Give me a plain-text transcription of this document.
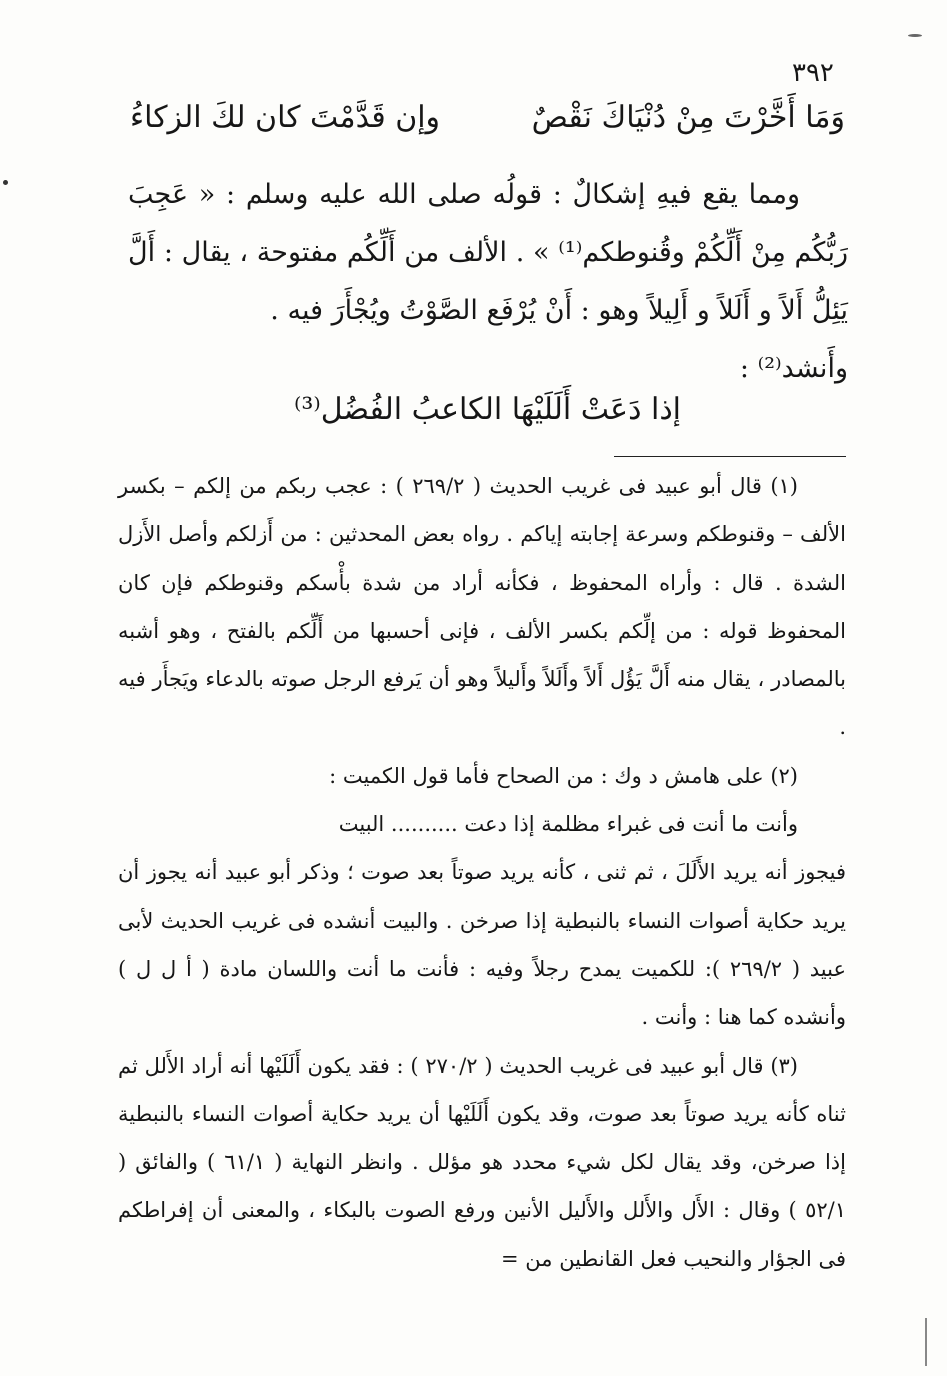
٣٩٢
وَمَا أَخَّرْتَ مِنْ دُنْيَاكَ نَقْصٌ
وإن قَدَّمْتَ كان لكَ الزكاءُ

ومما يقع فيهِ إشكالٌ : قولُه صلى الله عليه وسلم : « عَجِبَ رَبُّكُم مِنْ أَلِّكُمْ وقُنوطكم⁽¹⁾ » . الألف من أَلِّكُم مفتوحة ، يقال : أَلَّ يَئِلُّ أَلاً و أَلَلاً و أَلِيلاً وهو : أَنْ يُرْفَع الصَّوْتُ ويُجْأَرَ فيه .

وأَنشد⁽²⁾ :

إذا دَعَتْ أَلَلَيْهَا الكاعبُ الفُضُل⁽³⁾

(١) قال أبو عبيد فى غريب الحديث ( ٢٦٩/٢ ) : عجب ربكم من إلكم – بكسر الألف – وقنوطكم وسرعة إجابته إياكم . رواه بعض المحدثين : من أَزلكم وأصل الأَزل الشدة . قال : وأراه المحفوظ ، فكأنه أراد من شدة بأْسكم وقنوطكم فإن كان المحفوظ قوله : من إلِّكم بكسر الألف ، فإنى أحسبها من أَلِّكم بالفتح ، وهو أشبه بالمصادر ، يقال منه أَلَّ يَؤُل أَلاً وأَلَلاً وأَليلاً وهو أن يَرفع الرجل صوته بالدعاء ويَجأَر فيه .

(٢) على هامش د وك : من الصحاح فأما قول الكميت :

وأنت ما أنت فى غبراء مظلمة إذا دعت .......... البيت

فيجوز أنه يريد الأَلَلَ ، ثم ثنى ، كأنه يريد صوتاً بعد صوت ؛ وذكر أبو عبيد أنه يجوز أن يريد حكاية أصوات النساء بالنبطية إذا صرخن . والبيت أنشده فى غريب الحديث لأبى عبيد ( ٢٦٩/٢ ): للكميت يمدح رجلاً وفيه : فأنت ما أنت واللسان مادة ( أ ل ل ) وأنشده كما هنا : وأنت .

(٣) قال أبو عبيد فى غريب الحديث ( ٢٧٠/٢ ) : فقد يكون أَلَلَيْها أنه أراد الأَلل ثم ثناه كأنه يريد صوتاً بعد صوت، وقد يكون أَلَلَيْها أن يريد حكاية أصوات النساء بالنبطية إذا صرخن، وقد يقال لكل شيء محدد هو مؤلل . وانظر النهاية ( ٦١/١ ) والفائق ( ٥٢/١ ) وقال : الأَل والأَلل والأَليل الأنين ورفع الصوت بالبكاء ، والمعنى أن إفراطكم فى الجؤار والنحيب فعل القانطين من =
